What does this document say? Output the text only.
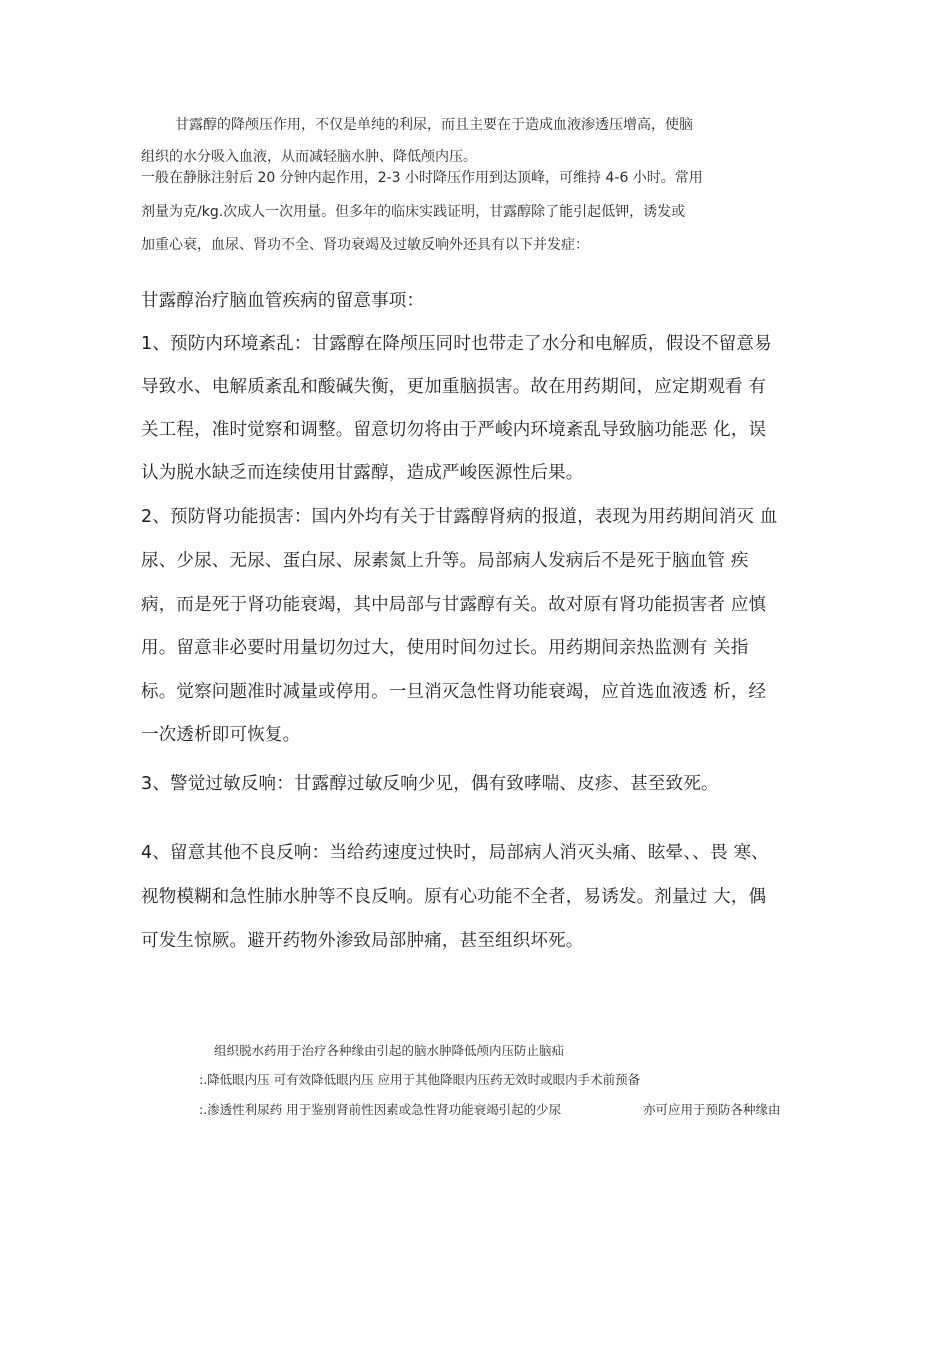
甘露醇的降颅压作用，不仅是单纯的利尿，而且主要在于造成血液渗透压增高，使脑
组织的水分吸入血液，从而减轻脑水肿、降低颅内压。
一般在静脉注射后 20 分钟内起作用，2-3 小时降压作用到达顶峰，可维持 4-6 小时。常用
剂量为克/kg.次成人一次用量。但多年的临床实践证明，甘露醇除了能引起低钾，诱发或
加重心衰，血尿、肾功不全、肾功衰竭及过敏反响外还具有以下并发症：
甘露醇治疗脑血管疾病的留意事项：
1、预防内环境紊乱：甘露醇在降颅压同时也带走了水分和电解质，假设不留意易
导致水、电解质紊乱和酸碱失衡，更加重脑损害。故在用药期间，应定期观看 有
关工程，准时觉察和调整。留意切勿将由于严峻内环境紊乱导致脑功能恶 化，误
认为脱水缺乏而连续使用甘露醇，造成严峻医源性后果。
2、预防肾功能损害：国内外均有关于甘露醇肾病的报道，表现为用药期间消灭 血
尿、少尿、无尿、蛋白尿、尿素氮上升等。局部病人发病后不是死于脑血管 疾
病，而是死于肾功能衰竭，其中局部与甘露醇有关。故对原有肾功能损害者 应慎
用。留意非必要时用量切勿过大，使用时间勿过长。用药期间亲热监测有 关指
标。觉察问题准时减量或停用。一旦消灭急性肾功能衰竭，应首选血液透 析，经
一次透析即可恢复。
3、警觉过敏反响：甘露醇过敏反响少见，偶有致哮喘、皮疹、甚至致死。
4、留意其他不良反响：当给药速度过快时，局部病人消灭头痛、眩晕、、畏 寒、
视物模糊和急性肺水肿等不良反响。原有心功能不全者，易诱发。剂量过 大，偶
可发生惊厥。避开药物外渗致局部肿痛，甚至组织坏死。
组织脱水药用于治疗各种缘由引起的脑水肿降低颅内压防止脑疝
:.降低眼内压 可有效降低眼内压 应用于其他降眼内压药无效时或眼内手术前预备
:.渗透性利尿药 用于鉴别肾前性因素或急性肾功能衰竭引起的少尿	亦可应用于预防各种缘由
